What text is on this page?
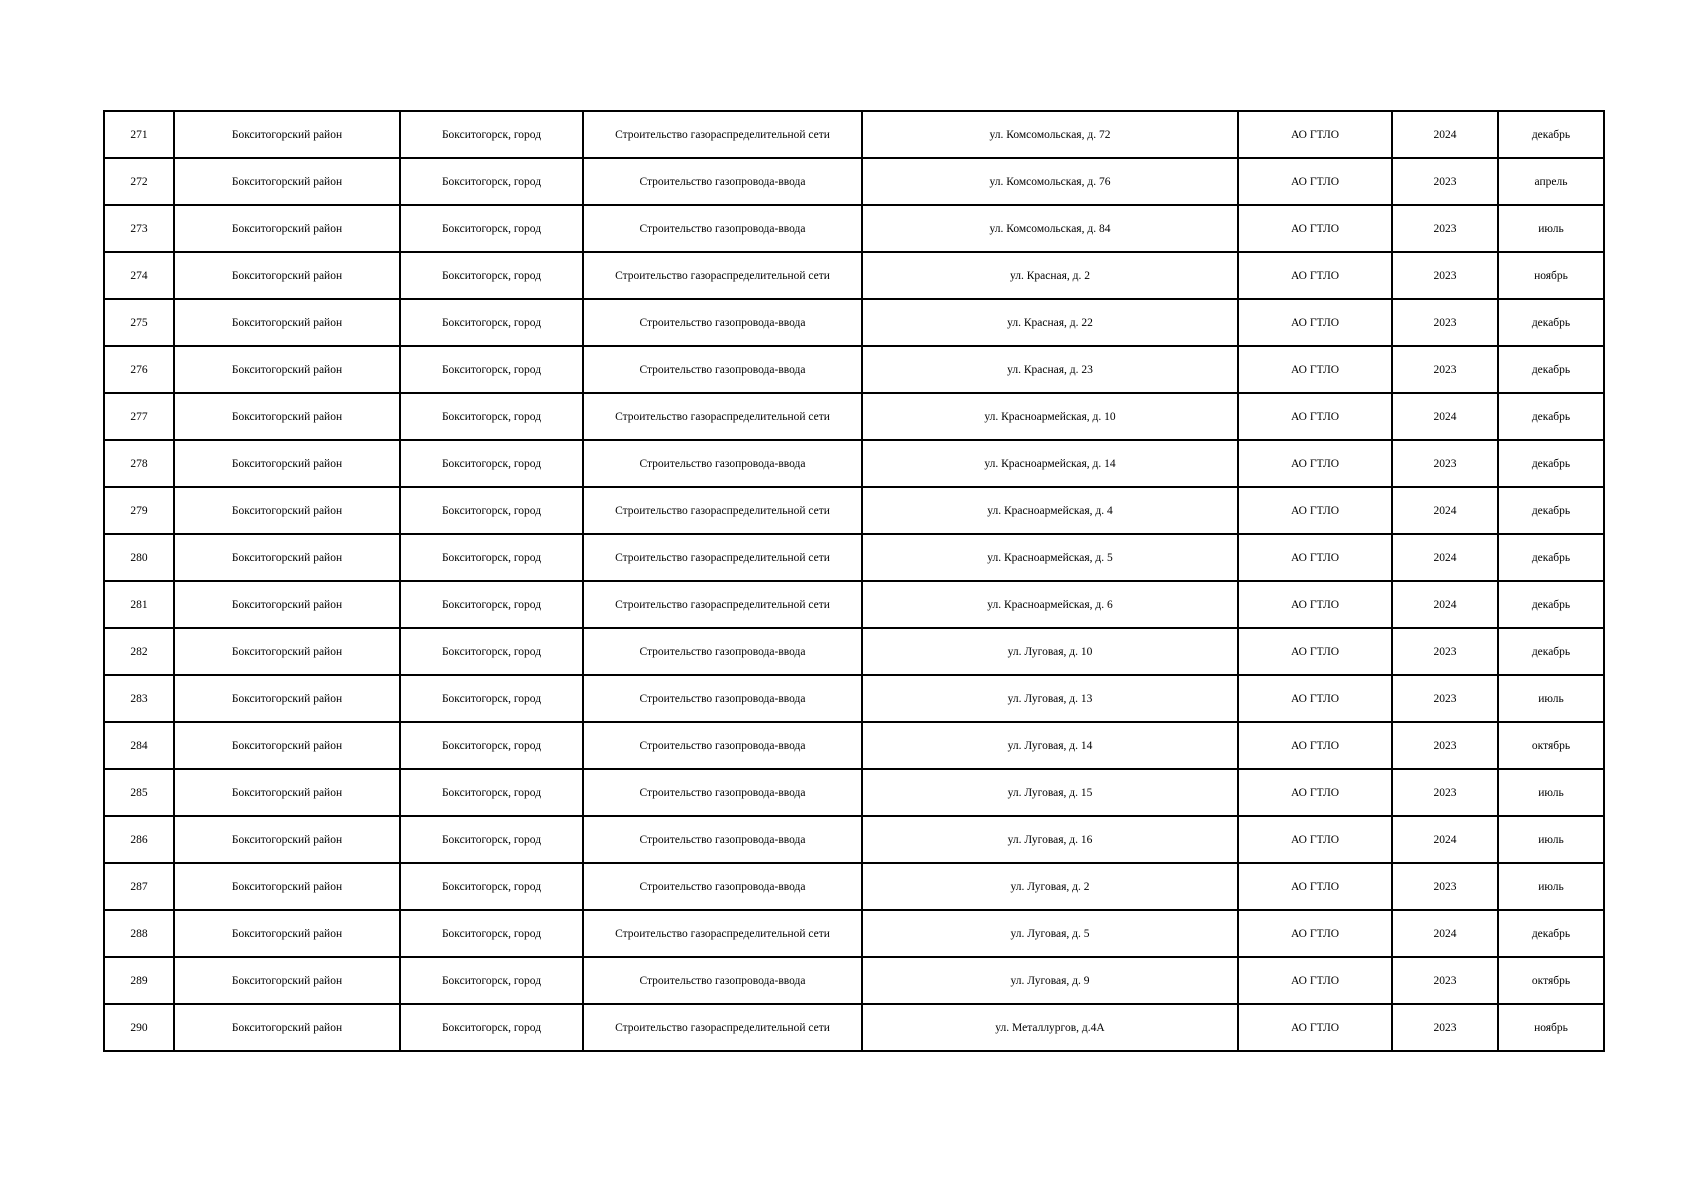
271	Бокситогорский район	Бокситогорск, город	Строительство газораспределительной сети	ул. Комсомольская, д. 72	АО ГТЛО	2024	декабрь
272	Бокситогорский район	Бокситогорск, город	Строительство газопровода-ввода	ул. Комсомольская, д. 76	АО ГТЛО	2023	апрель
273	Бокситогорский район	Бокситогорск, город	Строительство газопровода-ввода	ул. Комсомольская, д. 84	АО ГТЛО	2023	июль
274	Бокситогорский район	Бокситогорск, город	Строительство газораспределительной сети	ул. Красная, д. 2	АО ГТЛО	2023	ноябрь
275	Бокситогорский район	Бокситогорск, город	Строительство газопровода-ввода	ул. Красная, д. 22	АО ГТЛО	2023	декабрь
276	Бокситогорский район	Бокситогорск, город	Строительство газопровода-ввода	ул. Красная, д. 23	АО ГТЛО	2023	декабрь
277	Бокситогорский район	Бокситогорск, город	Строительство газораспределительной сети	ул. Красноармейская, д. 10	АО ГТЛО	2024	декабрь
278	Бокситогорский район	Бокситогорск, город	Строительство газопровода-ввода	ул. Красноармейская, д. 14	АО ГТЛО	2023	декабрь
279	Бокситогорский район	Бокситогорск, город	Строительство газораспределительной сети	ул. Красноармейская, д. 4	АО ГТЛО	2024	декабрь
280	Бокситогорский район	Бокситогорск, город	Строительство газораспределительной сети	ул. Красноармейская, д. 5	АО ГТЛО	2024	декабрь
281	Бокситогорский район	Бокситогорск, город	Строительство газораспределительной сети	ул. Красноармейская, д. 6	АО ГТЛО	2024	декабрь
282	Бокситогорский район	Бокситогорск, город	Строительство газопровода-ввода	ул. Луговая, д. 10	АО ГТЛО	2023	декабрь
283	Бокситогорский район	Бокситогорск, город	Строительство газопровода-ввода	ул. Луговая, д. 13	АО ГТЛО	2023	июль
284	Бокситогорский район	Бокситогорск, город	Строительство газопровода-ввода	ул. Луговая, д. 14	АО ГТЛО	2023	октябрь
285	Бокситогорский район	Бокситогорск, город	Строительство газопровода-ввода	ул. Луговая, д. 15	АО ГТЛО	2023	июль
286	Бокситогорский район	Бокситогорск, город	Строительство газопровода-ввода	ул. Луговая, д. 16	АО ГТЛО	2024	июль
287	Бокситогорский район	Бокситогорск, город	Строительство газопровода-ввода	ул. Луговая, д. 2	АО ГТЛО	2023	июль
288	Бокситогорский район	Бокситогорск, город	Строительство газораспределительной сети	ул. Луговая, д. 5	АО ГТЛО	2024	декабрь
289	Бокситогорский район	Бокситогорск, город	Строительство газопровода-ввода	ул. Луговая, д. 9	АО ГТЛО	2023	октябрь
290	Бокситогорский район	Бокситогорск, город	Строительство газораспределительной сети	ул. Металлургов, д.4А	АО ГТЛО	2023	ноябрь
